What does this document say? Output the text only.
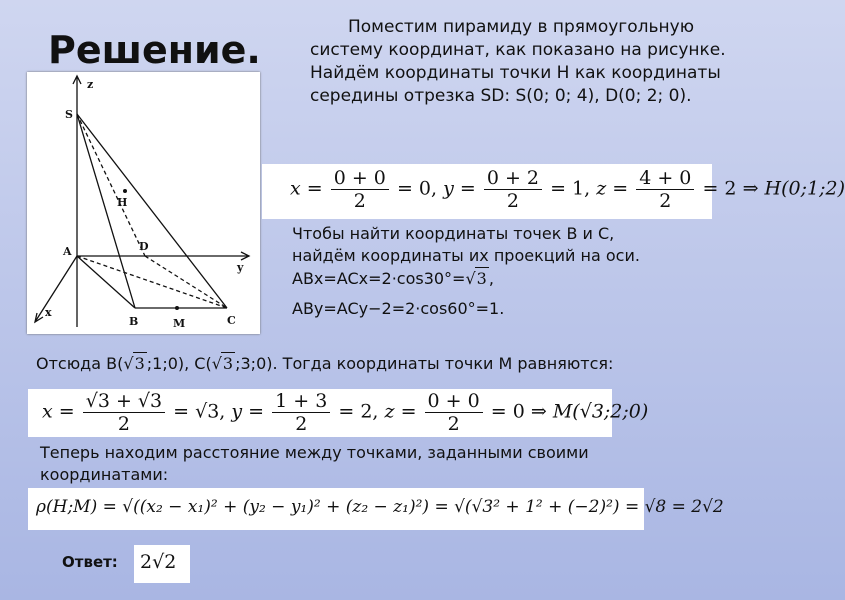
Решение.
Поместим пирамиду в прямоугольную
систему координат, как показано на рисунке.
Найдём координаты точки Н как координаты
середины отрезка SD: S(0; 0; 4), D(0; 2; 0).
z
S
H
A	D
y
x
B	M	C
$x = \frac{0 + 0}{2} = 0$, $y = \frac{0 + 2}{2} = 1$, $z = \frac{4 + 0}{2} = 2$ ⇒ H(0;1;2)
Чтобы найти координаты точек В и С,
найдём координаты их проекций на оси.
ABx=ACx=2·cos30°=√3 ,
ABy=ACy−2=2·cos60°=1.
Отсюда В(√3 ;1;0), С(√3 ;3;0). Тогда координаты точки М равняются:
$x = \frac{√3 + √3}{2} = √3$, $y = \frac{1 + 3}{2} = 2$, $z = \frac{0 + 0}{2} = 0$ ⇒ M(√3;2;0)
Теперь находим расстояние между точками, заданными своими
координатами:
ρ(H;M) = √((x₂ − x₁)² + (y₂ − y₁)² + (z₂ − z₁)²) = √(√3² + 1² + (−2)²) = √8 = 2√2
Ответ: 2√2
